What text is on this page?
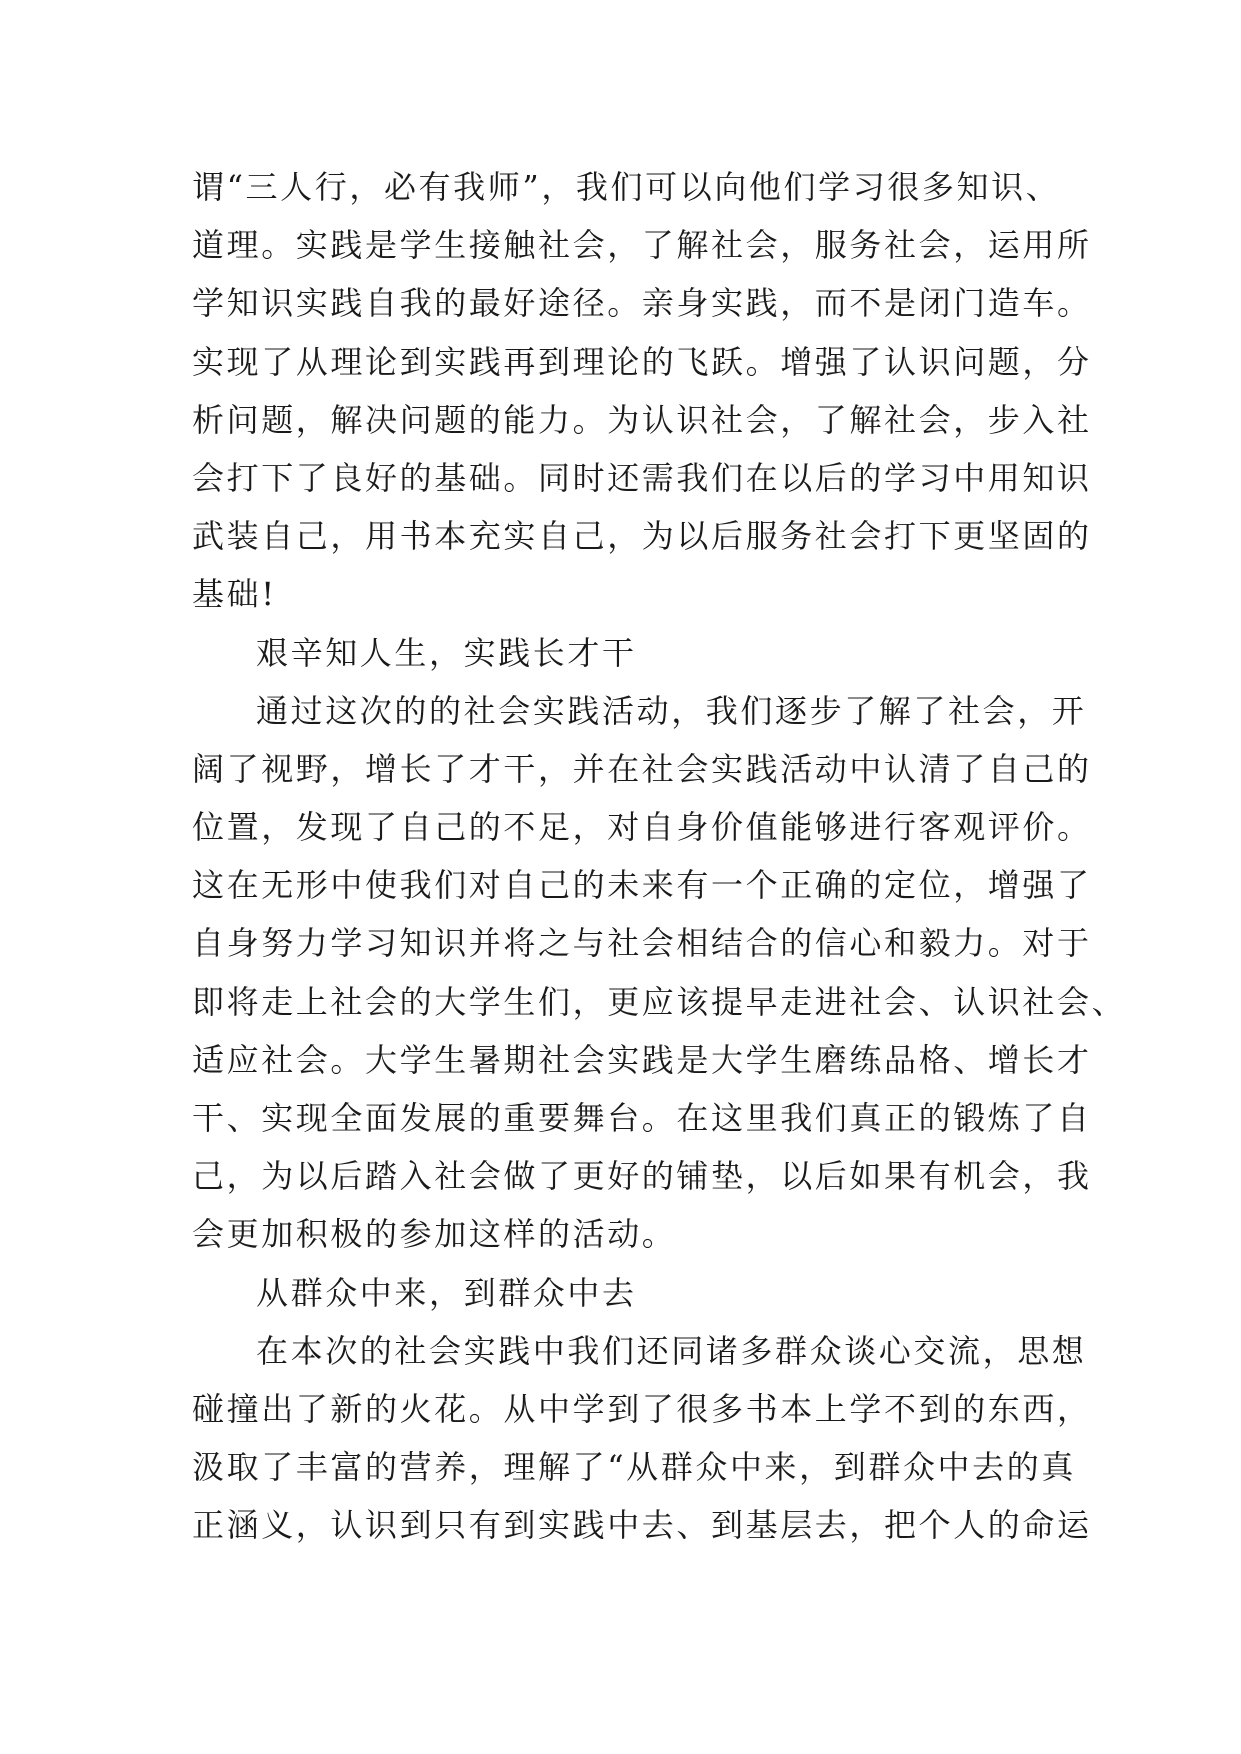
谓“三人行，必有我师”，我们可以向他们学习很多知识、
道理。实践是学生接触社会，了解社会，服务社会，运用所
学知识实践自我的最好途径。亲身实践，而不是闭门造车。
实现了从理论到实践再到理论的飞跃。增强了认识问题，分
析问题，解决问题的能力。为认识社会，了解社会，步入社
会打下了良好的基础。同时还需我们在以后的学习中用知识
武装自己，用书本充实自己，为以后服务社会打下更坚固的
基础!
艰辛知人生，实践长才干
通过这次的的社会实践活动，我们逐步了解了社会，开
阔了视野，增长了才干，并在社会实践活动中认清了自己的
位置，发现了自己的不足，对自身价值能够进行客观评价。
这在无形中使我们对自己的未来有一个正确的定位，增强了
自身努力学习知识并将之与社会相结合的信心和毅力。对于
即将走上社会的大学生们，更应该提早走进社会、认识社会、
适应社会。大学生暑期社会实践是大学生磨练品格、增长才
干、实现全面发展的重要舞台。在这里我们真正的锻炼了自
己，为以后踏入社会做了更好的铺垫，以后如果有机会，我
会更加积极的参加这样的活动。
从群众中来，到群众中去
在本次的社会实践中我们还同诸多群众谈心交流，思想
碰撞出了新的火花。从中学到了很多书本上学不到的东西，
汲取了丰富的营养，理解了“从群众中来，到群众中去的真
正涵义，认识到只有到实践中去、到基层去，把个人的命运
